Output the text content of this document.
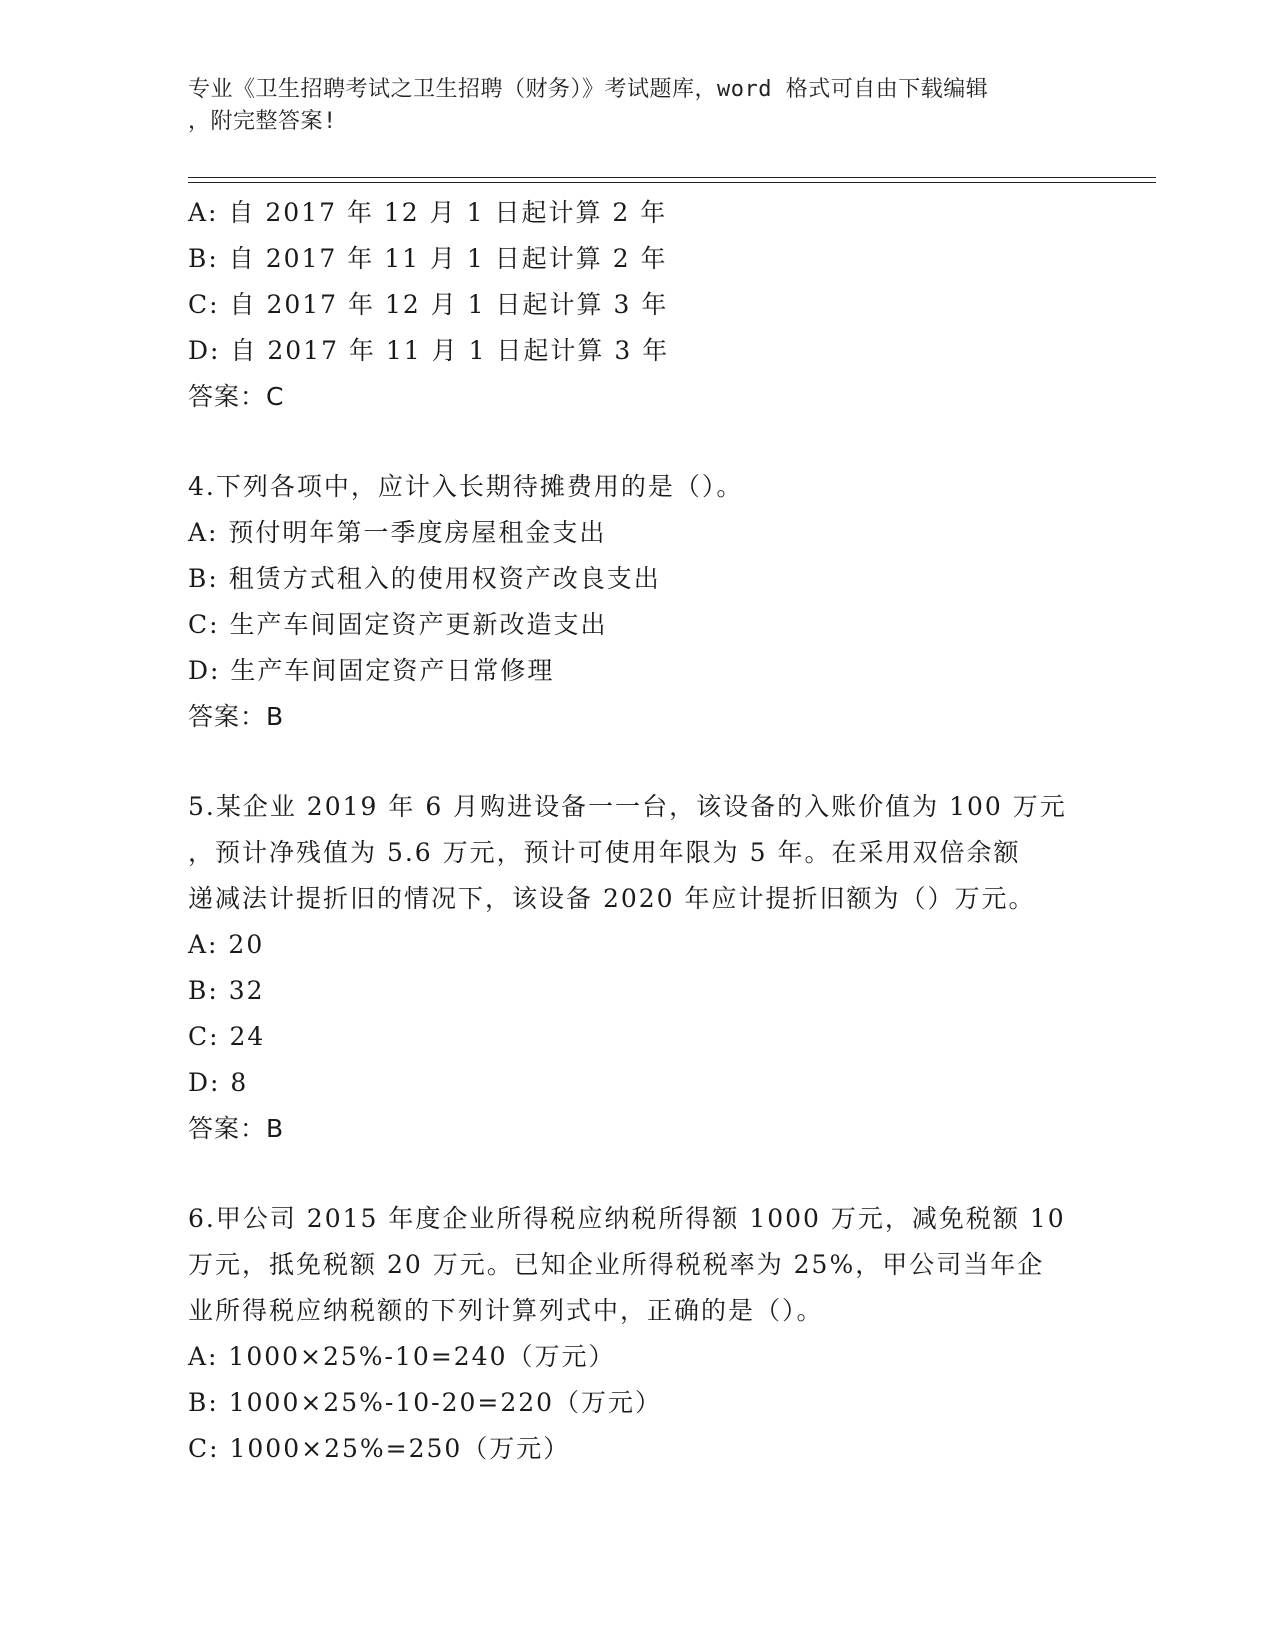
专业《卫生招聘考试之卫生招聘（财务）》考试题库，word 格式可自由下载编辑
，附完整答案!
A: 自 2017 年 12 月 1 日起计算 2 年
B: 自 2017 年 11 月 1 日起计算 2 年
C: 自 2017 年 12 月 1 日起计算 3 年
D: 自 2017 年 11 月 1 日起计算 3 年
答案：C
4.下列各项中，应计入长期待摊费用的是（）。
A: 预付明年第一季度房屋租金支出
B: 租赁方式租入的使用权资产改良支出
C: 生产车间固定资产更新改造支出
D: 生产车间固定资产日常修理
答案：B
5.某企业 2019 年 6 月购进设备一一台，该设备的入账价值为 100 万元
，预计净残值为 5.6 万元，预计可使用年限为 5 年。在采用双倍余额
递减法计提折旧的情况下，该设备 2020 年应计提折旧额为（）万元。
A: 20
B: 32
C: 24
D: 8
答案：B
6.甲公司 2015 年度企业所得税应纳税所得额 1000 万元，减免税额 10
万元，抵免税额 20 万元。已知企业所得税税率为 25%，甲公司当年企
业所得税应纳税额的下列计算列式中，正确的是（）。
A: 1000×25%-10=240（万元）
B: 1000×25%-10-20=220（万元）
C: 1000×25%=250（万元）
